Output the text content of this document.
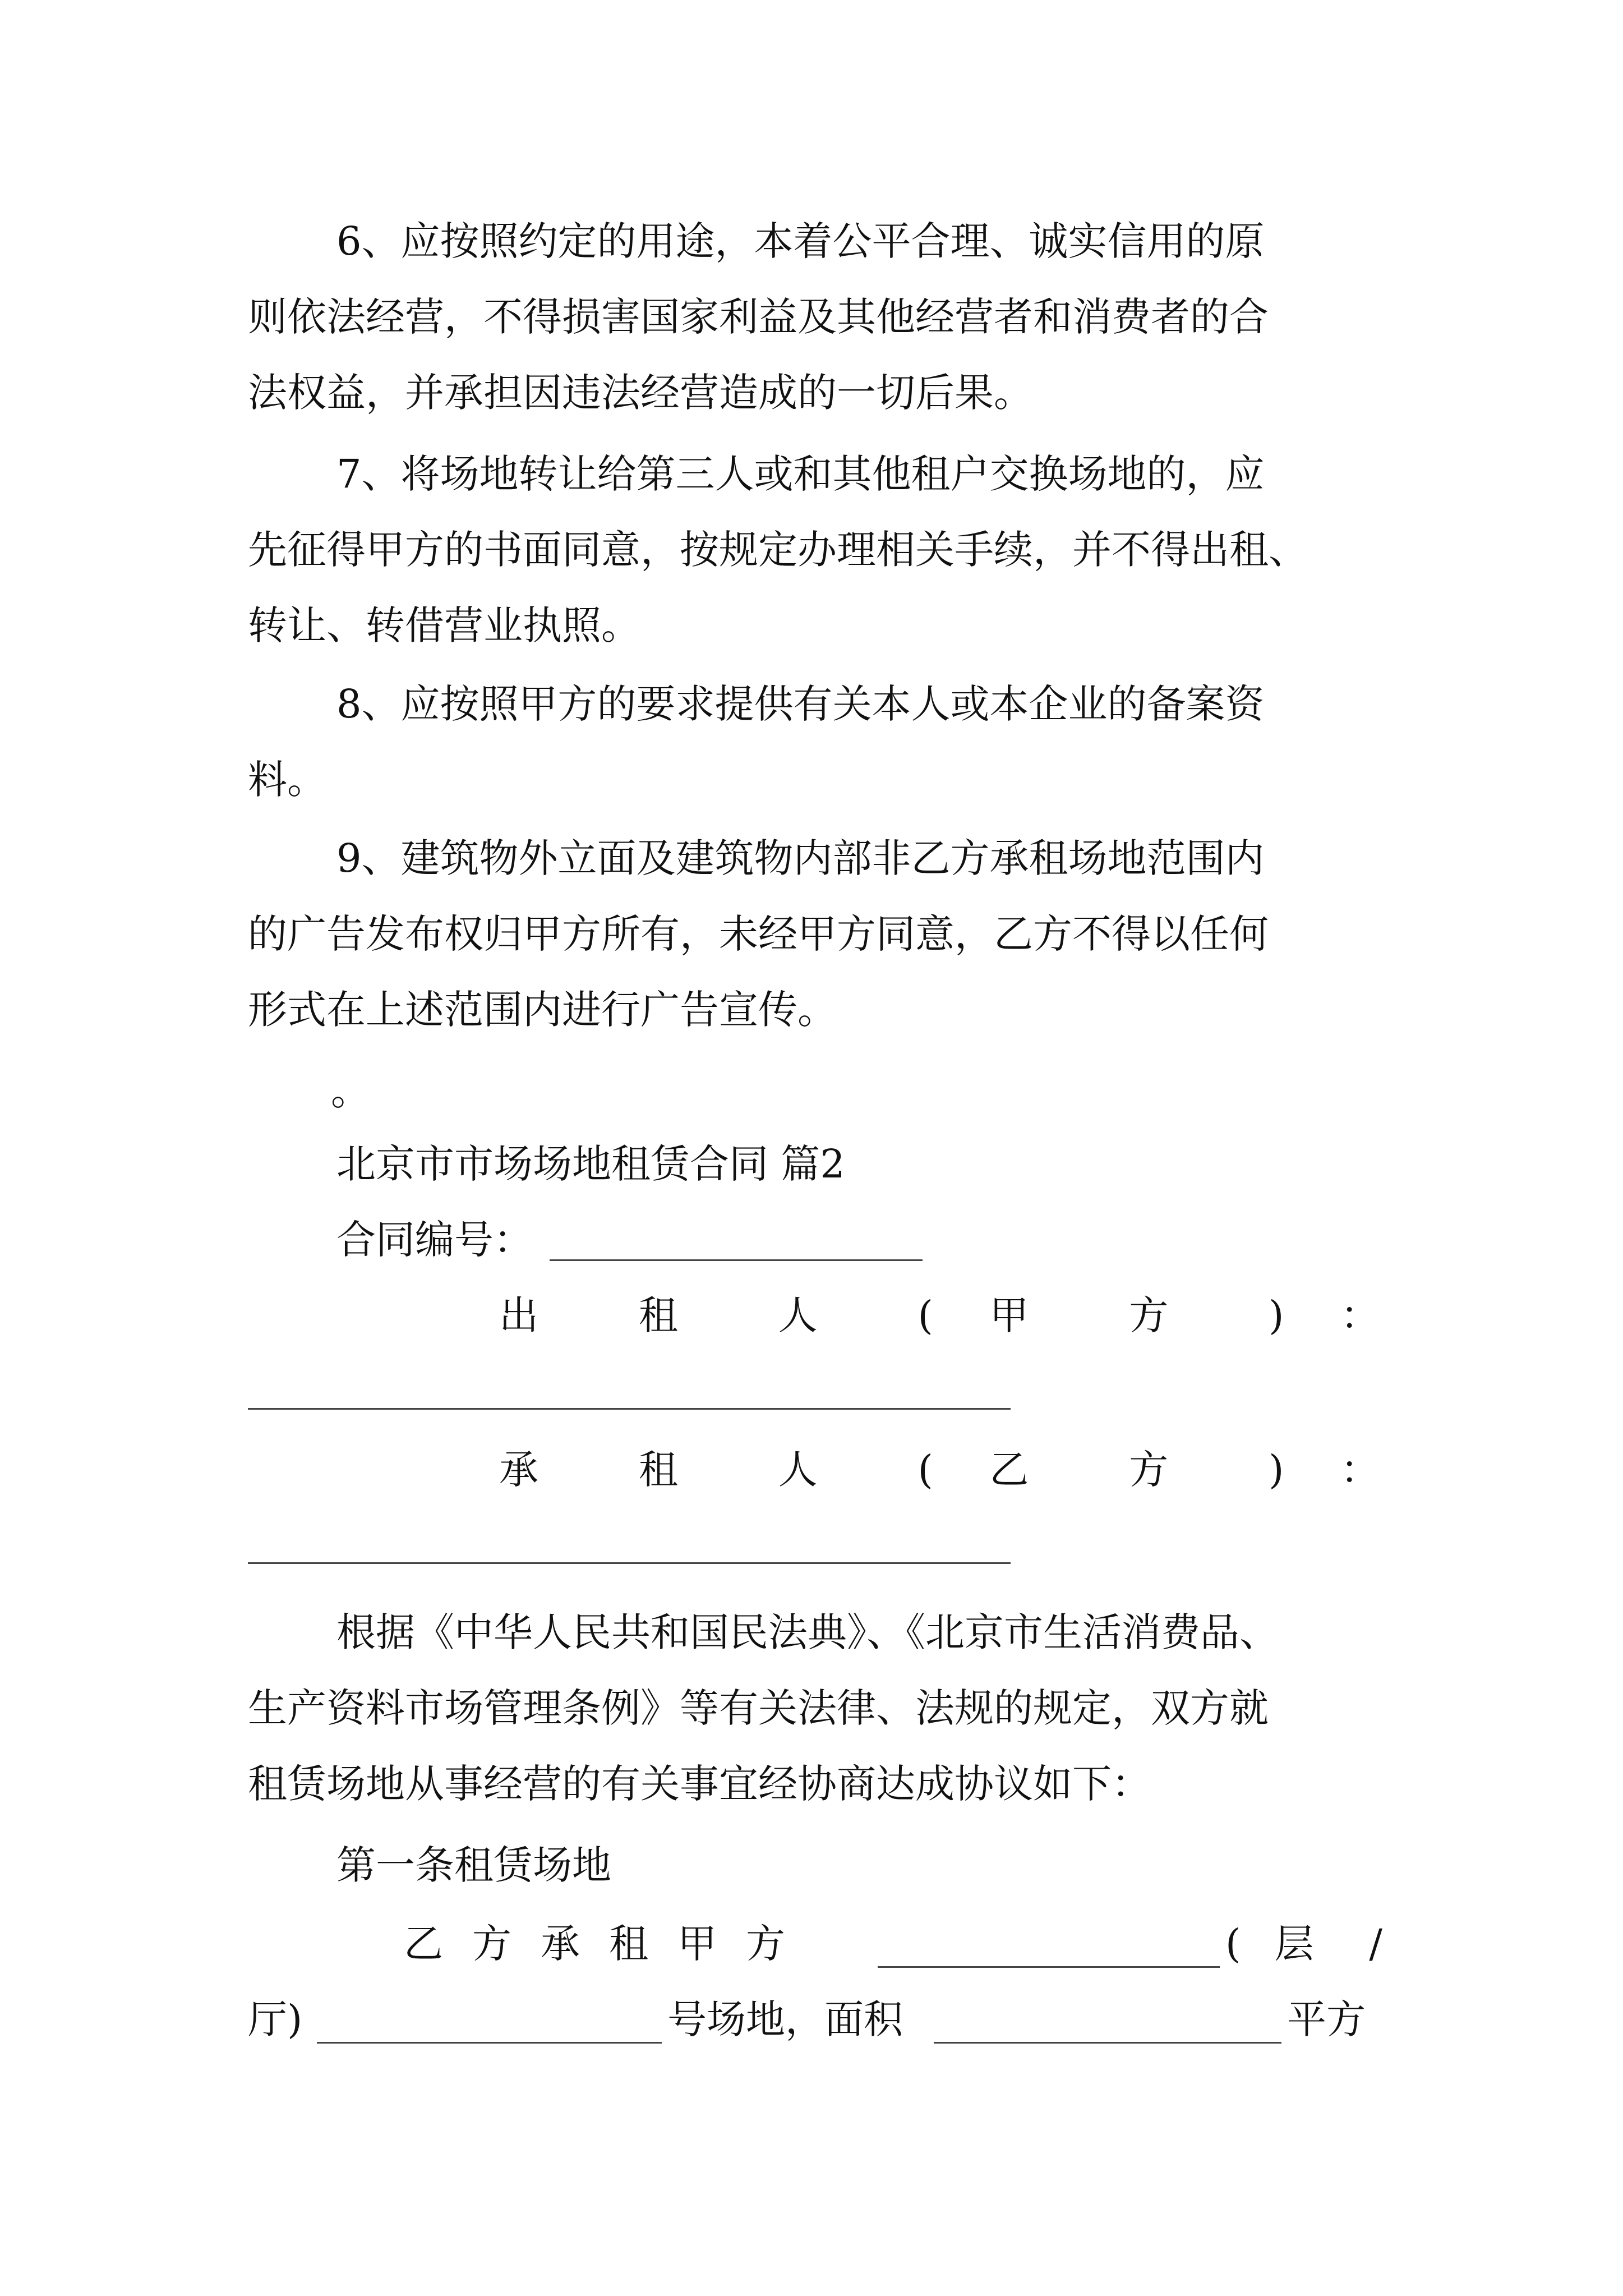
6、应按照约定的用途，本着公平合理、诚实信用的原
则依法经营，不得损害国家利益及其他经营者和消费者的合
法权益，并承担因违法经营造成的一切后果。
7、将场地转让给第三人或和其他租户交换场地的，应
先征得甲方的书面同意，按规定办理相关手续，并不得出租、
转让、转借营业执照。
8、应按照甲方的要求提供有关本人或本企业的备案资
料。
9、建筑物外立面及建筑物内部非乙方承租场地范围内
的广告发布权归甲方所有，未经甲方同意，乙方不得以任何
形式在上述范围内进行广告宣传。
。
北京市市场场地租赁合同 篇2
合同编号：
出 租 人 ( 甲 方 ) ：
承 租 人 ( 乙 方 ) ：
根据《中华人民共和国民法典》、《北京市生活消费品、
生产资料市场管理条例》等有关法律、法规的规定，双方就
租赁场地从事经营的有关事宜经协商达成协议如下：
第一条租赁场地
乙方承租甲方	( 层 /
厅)	号场地，面积	平方
